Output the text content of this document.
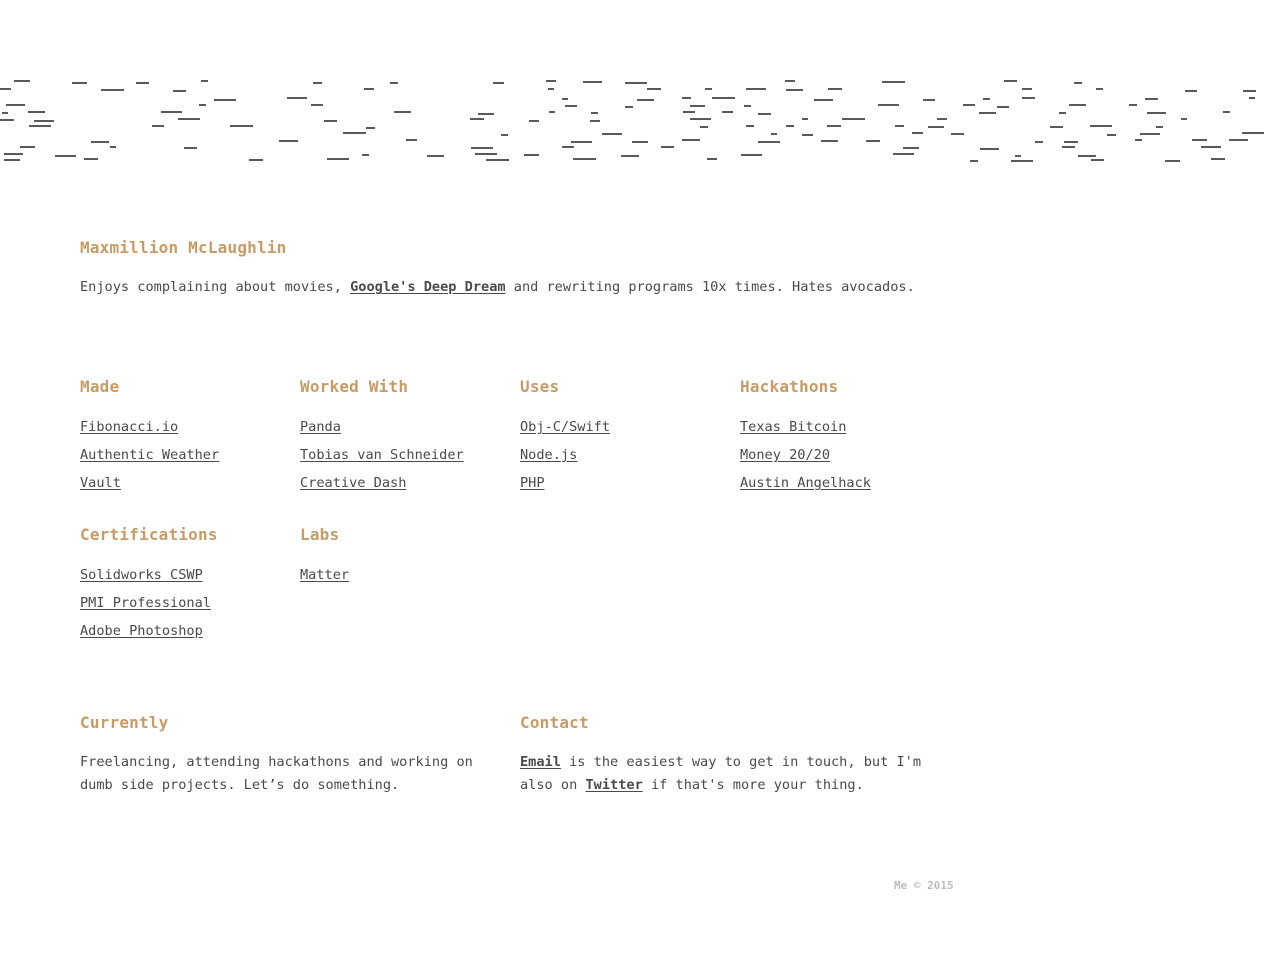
Maxmillion McLaughlin

Enjoys complaining about movies, Google's Deep Dream and rewriting programs 10x times. Hates avocados.

Made
Fibonacci.io
Authentic Weather
Vault
Worked With
Panda
Tobias van Schneider
Creative Dash
Uses
Obj-C/Swift
Node.js
PHP
Hackathons
Texas Bitcoin
Money 20/20
Austin Angelhack
Certifications
Solidworks CSWP
PMI Professional
Adobe Photoshop
Labs
Matter
Currently

Freelancing, attending hackathons and working on dumb side projects. Let’s do something.

Contact

Email is the easiest way to get in touch, but I'm also on Twitter if that's more your thing.

Me © 2015
